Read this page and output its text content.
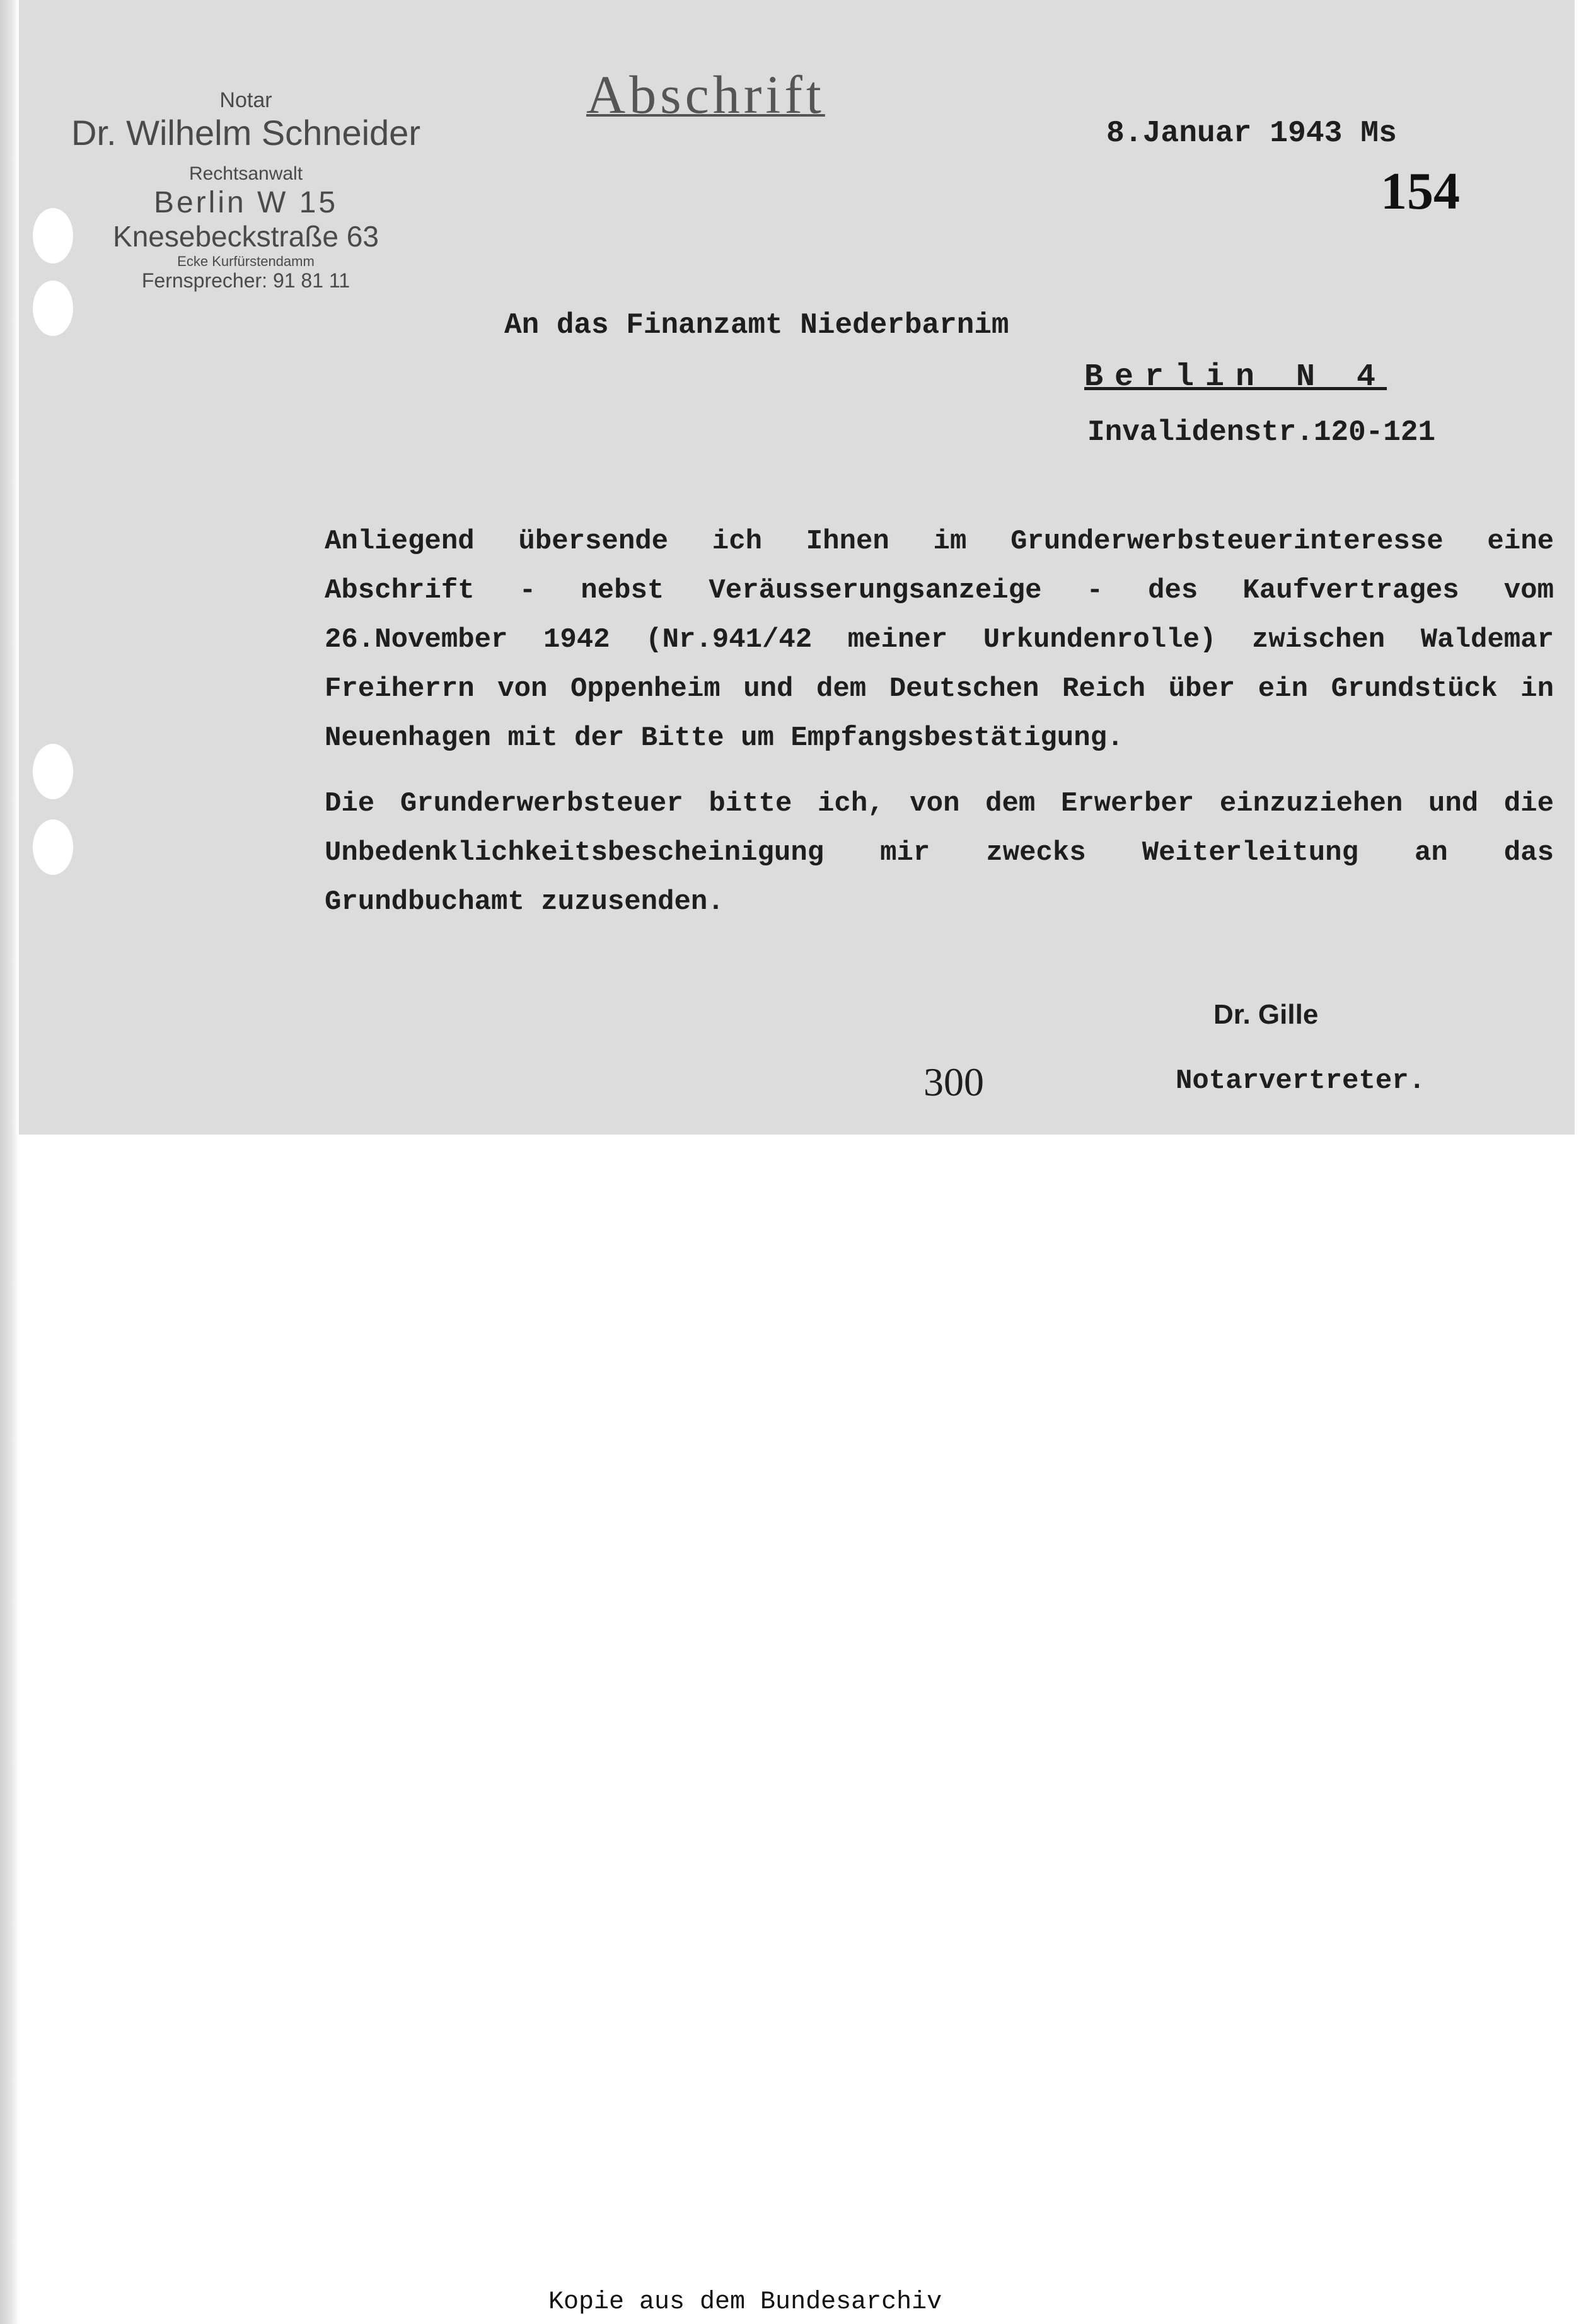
Notar
Dr. Wilhelm Schneider
Rechtsanwalt
Berlin W 15
Knesebeckstraße 63
Ecke Kurfürstendamm
Fernsprecher: 91 81 11
Abschrift
8.Januar 1943 Ms
154
An das Finanzamt Niederbarnim
Berlin N 4
Invalidenstr.120-121

Anliegend übersende ich Ihnen im Grunderwerbsteuerinteresse eine Abschrift - nebst Veräusserungsanzeige - des Kaufvertrages vom 26.November 1942 (Nr.941/42 meiner Urkundenrolle) zwischen Waldemar Freiherrn von Oppenheim und dem Deutschen Reich über ein Grundstück in Neuenhagen mit der Bitte um Empfangsbestätigung.

Die Grunderwerbsteuer bitte ich, von dem Erwerber einzuziehen und die Unbedenklichkeitsbescheinigung mir zwecks Weiterleitung an das Grundbuchamt zuzusenden.

Dr. Gille
300	Notarvertreter.
Kopie aus dem Bundesarchiv
